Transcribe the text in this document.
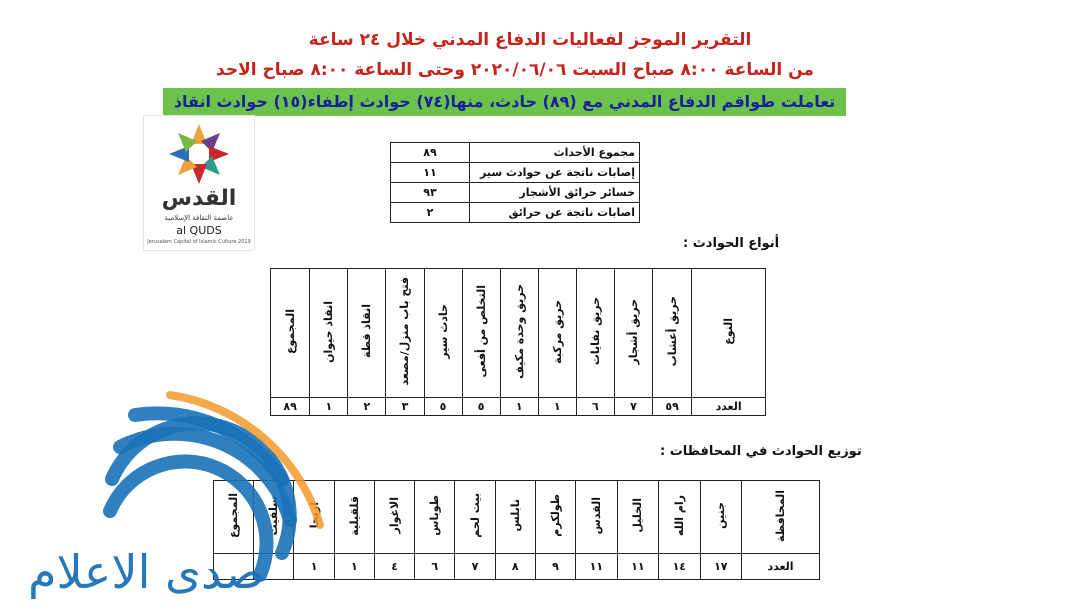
التقرير الموجز لفعاليات الدفاع المدني خلال ٢٤ ساعة
من الساعة ٨:٠٠ صباح السبت ٢٠٢٠/٠٦/٠٦ وحتى الساعة ٨:٠٠ صباح الاحد
تعاملت طواقم الدفاع المدني مع (٨٩) حادث، منها(٧٤) حوادث إطفاء(١٥) حوادث انقاذ
القدس
عاصمة الثقافة الإسلامية
al QUDS
Jerusalem Capital of Islamic Culture 2019
٨٩	مجموع الأحداث
١١	إصابات ناتجة عن حوادث سير
٩٣	خسائر حرائق الأشجار
٢	اصابات ناتجة عن حرائق
أنواع الحوادث :
المجموع	انقاذ حيوان	انقاذ قطة	فتح باب منزل/مصعد	حادث سير	التخلص من أفعى	حريق وحدة مكيف	حريق مركبة	حريق نفايات	حريق أشجار	حريق أعشاب	النوع
٨٩	١	٢	٣	٥	٥	١	١	٦	٧	٥٩	العدد
توزيع الحوادث في المحافظات :
المجموع	سلفيت	اريحا	قلقيلية	الاغوار	طوباس	بيت لحم	نابلس	طولكرم	القدس	الخليل	رام الله	جنين	المحافظة
		١	١	٤	٦	٧	٨	٩	١١	١١	١٤	١٧	العدد
صدى الاعلام
